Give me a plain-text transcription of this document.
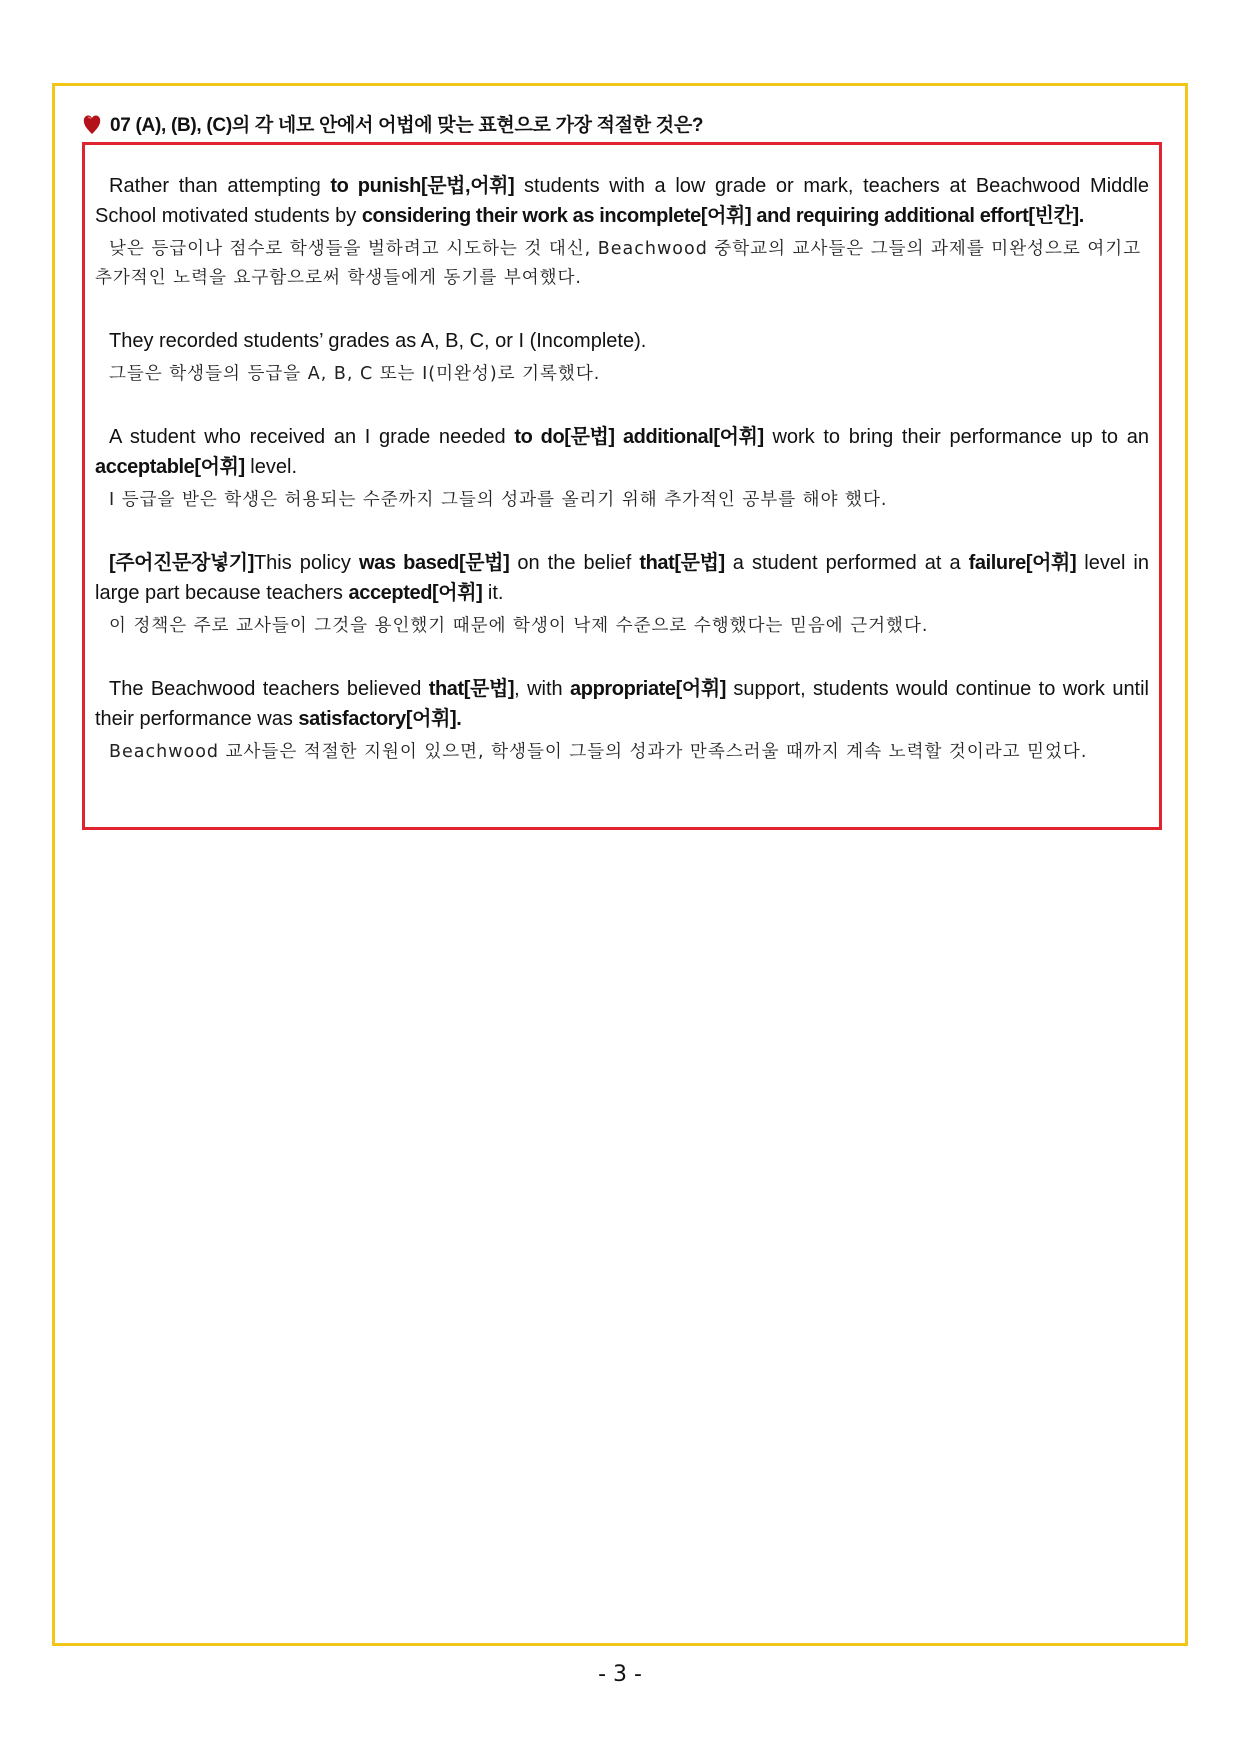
07 (A), (B), (C)의 각 네모 안에서 어법에 맞는 표현으로 가장 적절한 것은?

Rather than attempting to punish[문법,어휘] students with a low grade or mark, teachers at Beachwood Middle School motivated students by considering their work as incomplete[어휘] and requiring additional effort[빈칸].

낮은 등급이나 점수로 학생들을 벌하려고 시도하는 것 대신, Beachwood 중학교의 교사들은 그들의 과제를 미완성으로 여기고 추가적인 노력을 요구함으로써 학생들에게 동기를 부여했다.

They recorded students’ grades as A, B, C, or I (Incomplete).

그들은 학생들의 등급을 A, B, C 또는 I(미완성)로 기록했다.

A student who received an I grade needed to do[문법] additional[어휘] work to bring their performance up to an acceptable[어휘] level.

I 등급을 받은 학생은 허용되는 수준까지 그들의 성과를 올리기 위해 추가적인 공부를 해야 했다.

[주어진문장넣기]This policy was based[문법] on the belief that[문법] a student performed at a failure[어휘] level in large part because teachers accepted[어휘] it.

이 정책은 주로 교사들이 그것을 용인했기 때문에 학생이 낙제 수준으로 수행했다는 믿음에 근거했다.

The Beachwood teachers believed that[문법], with appropriate[어휘] support, students would continue to work until their performance was satisfactory[어휘].

Beachwood 교사들은 적절한 지원이 있으면, 학생들이 그들의 성과가 만족스러울 때까지 계속 노력할 것이라고 믿었다.

- 3 -
